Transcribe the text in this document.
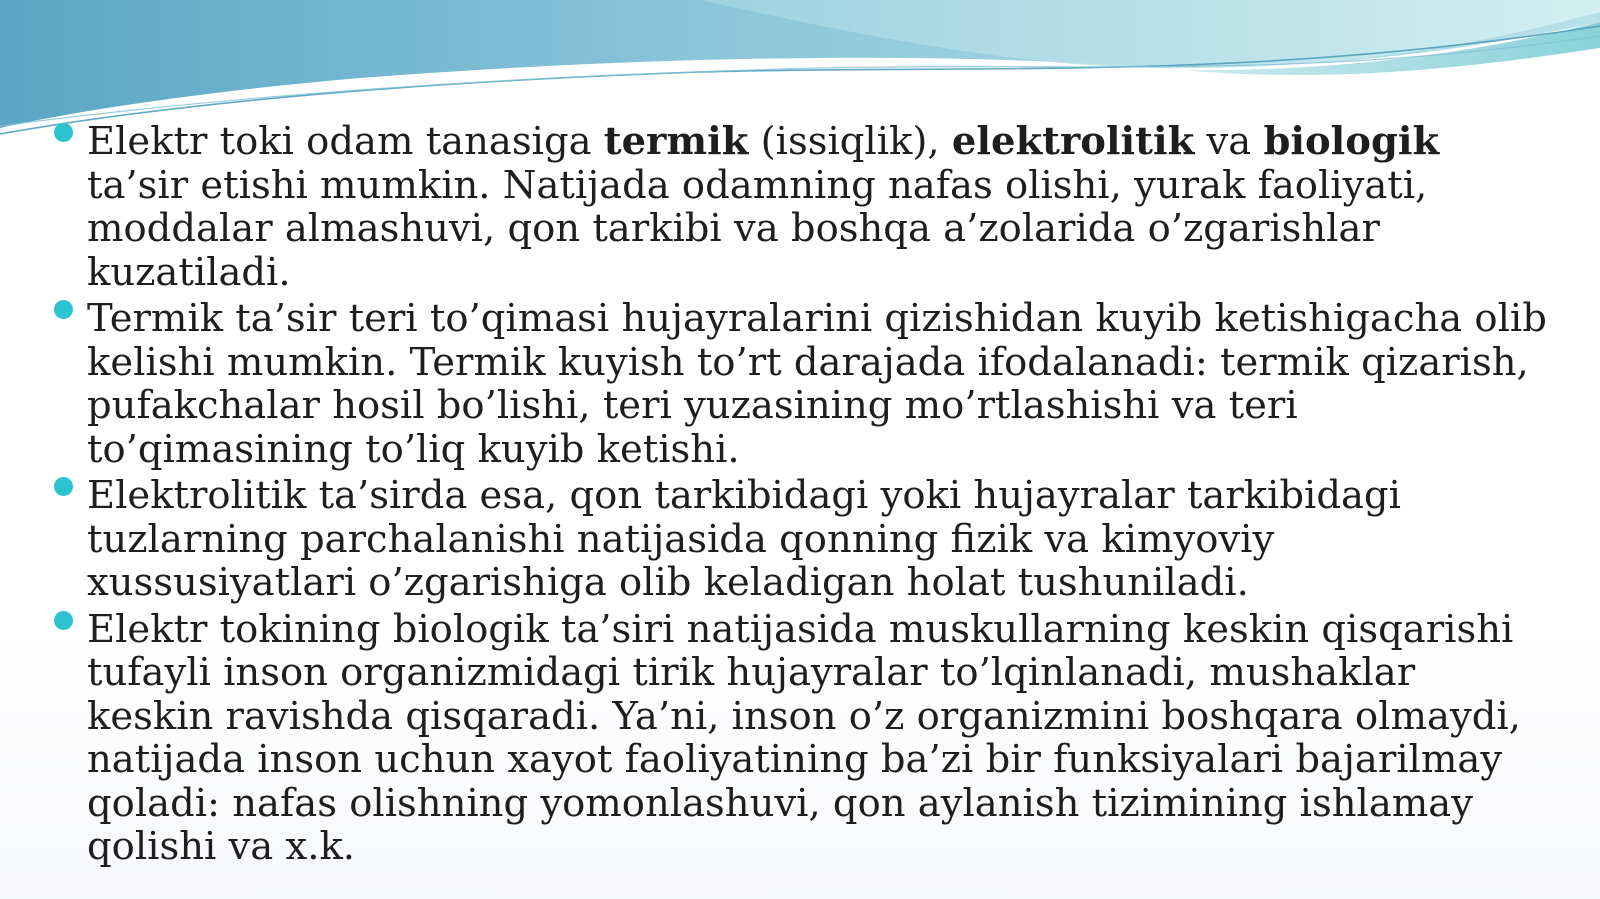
Elektr toki odam tanasiga termik (issiqlik), elektrolitik va biologik ta’sir etishi mumkin. Natijada odamning nafas olishi, yurak faoliyati, moddalar almashuvi, qon tarkibi va boshqa a’zolarida o’zgarishlar kuzatiladi.

Termik ta’sir teri to’qimasi hujayralarini qizishidan kuyib ketishigacha olib kelishi mumkin. Termik kuyish to’rt darajada ifodalanadi: termik qizarish, pufakchalar hosil bo’lishi, teri yuzasining mo’rtlashishi va teri to’qimasining to’liq kuyib ketishi.

Elektrolitik ta’sirda esa, qon tarkibidagi yoki hujayralar tarkibidagi tuzlarning parchalanishi natijasida qonning fizik va kimyoviy xussusiyatlari o’zgarishiga olib keladigan holat tushuniladi.

Elektr tokining biologik ta’siri natijasida muskullarning keskin qisqarishi tufayli inson organizmidagi tirik hujayralar to’lqinlanadi, mushaklar keskin ravishda qisqaradi. Ya’ni, inson o’z organizmini boshqara olmaydi, natijada inson uchun xayot faoliyatining ba’zi bir funksiyalari bajarilmay qoladi: nafas olishning yomonlashuvi, qon aylanish tizimining ishlamay qolishi va x.k.
